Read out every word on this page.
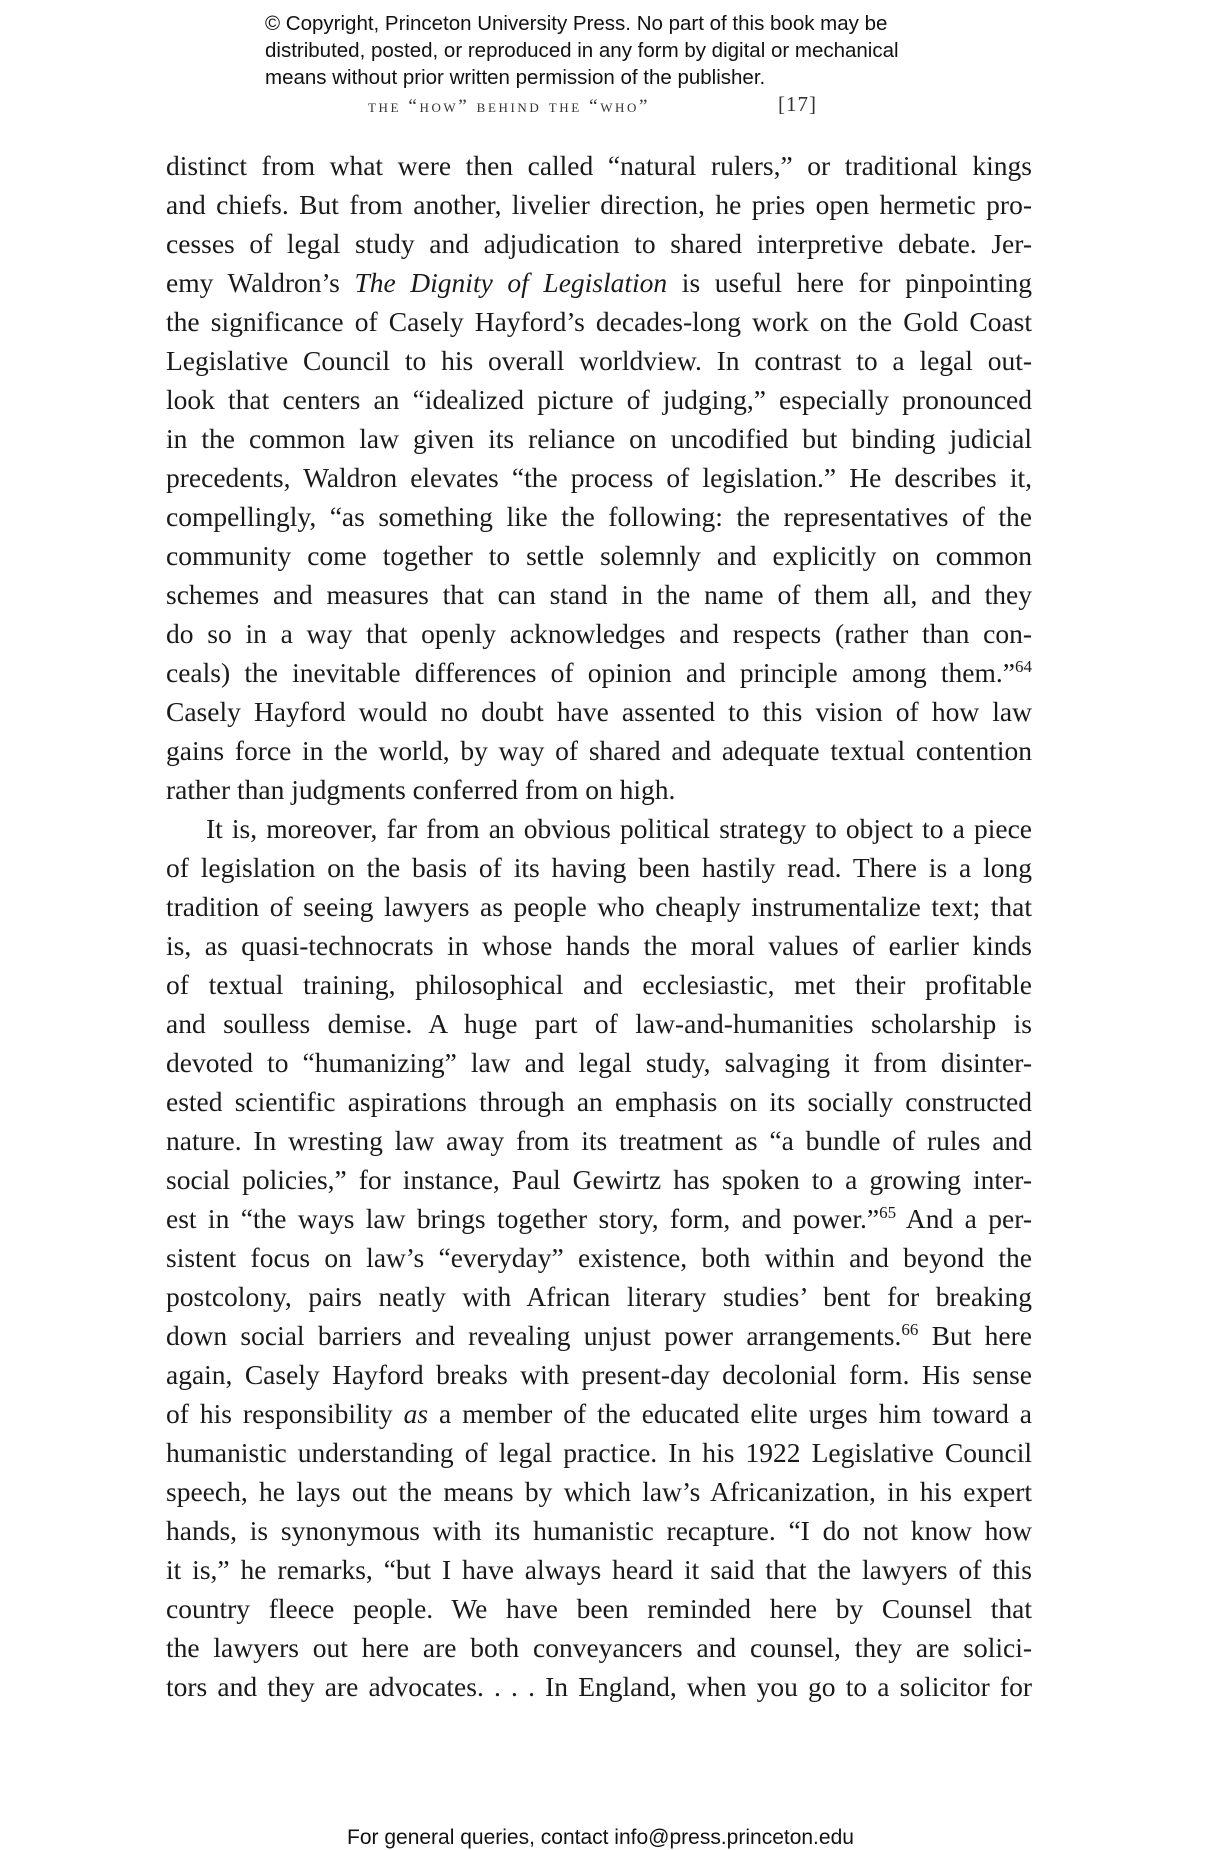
© Copyright, Princeton University Press. No part of this book may be
distributed, posted, or reproduced in any form by digital or mechanical
means without prior written permission of the publisher.
the “how” behind the “who”	[17]
distinct from what were then called “natural rulers,” or traditional kings
and chiefs. But from another, livelier direction, he pries open hermetic pro-
cesses of legal study and adjudication to shared interpretive debate. Jer-
emy Waldron’s The Dignity of Legislation is useful here for pinpointing
the significance of Casely Hayford’s decades-long work on the Gold Coast
Legislative Council to his overall worldview. In contrast to a legal out-
look that centers an “idealized picture of judging,” especially pronounced
in the common law given its reliance on uncodified but binding judicial
precedents, Waldron elevates “the process of legislation.” He describes it,
compellingly, “as something like the following: the representatives of the
community come together to settle solemnly and explicitly on common
schemes and measures that can stand in the name of them all, and they
do so in a way that openly acknowledges and respects (rather than con-
ceals) the inevitable differences of opinion and principle among them.”$^{64}$
Casely Hayford would no doubt have assented to this vision of how law
gains force in the world, by way of shared and adequate textual contention
rather than judgments conferred from on high.
It is, moreover, far from an obvious political strategy to object to a piece
of legislation on the basis of its having been hastily read. There is a long
tradition of seeing lawyers as people who cheaply instrumentalize text; that
is, as quasi-technocrats in whose hands the moral values of earlier kinds
of textual training, philosophical and ecclesiastic, met their profitable
and soulless demise. A huge part of law-and-humanities scholarship is
devoted to “humanizing” law and legal study, salvaging it from disinter-
ested scientific aspirations through an emphasis on its socially constructed
nature. In wresting law away from its treatment as “a bundle of rules and
social policies,” for instance, Paul Gewirtz has spoken to a growing inter-
est in “the ways law brings together story, form, and power.”$^{65}$ And a per-
sistent focus on law’s “everyday” existence, both within and beyond the
postcolony, pairs neatly with African literary studies’ bent for breaking
down social barriers and revealing unjust power arrangements.$^{66}$ But here
again, Casely Hayford breaks with present-day decolonial form. His sense
of his responsibility as a member of the educated elite urges him toward a
humanistic understanding of legal practice. In his 1922 Legislative Council
speech, he lays out the means by which law’s Africanization, in his expert
hands, is synonymous with its humanistic recapture. “I do not know how
it is,” he remarks, “but I have always heard it said that the lawyers of this
country fleece people. We have been reminded here by Counsel that
the lawyers out here are both conveyancers and counsel, they are solici-
tors and they are advocates. . . . In England, when you go to a solicitor for
For general queries, contact info@press.princeton.edu
